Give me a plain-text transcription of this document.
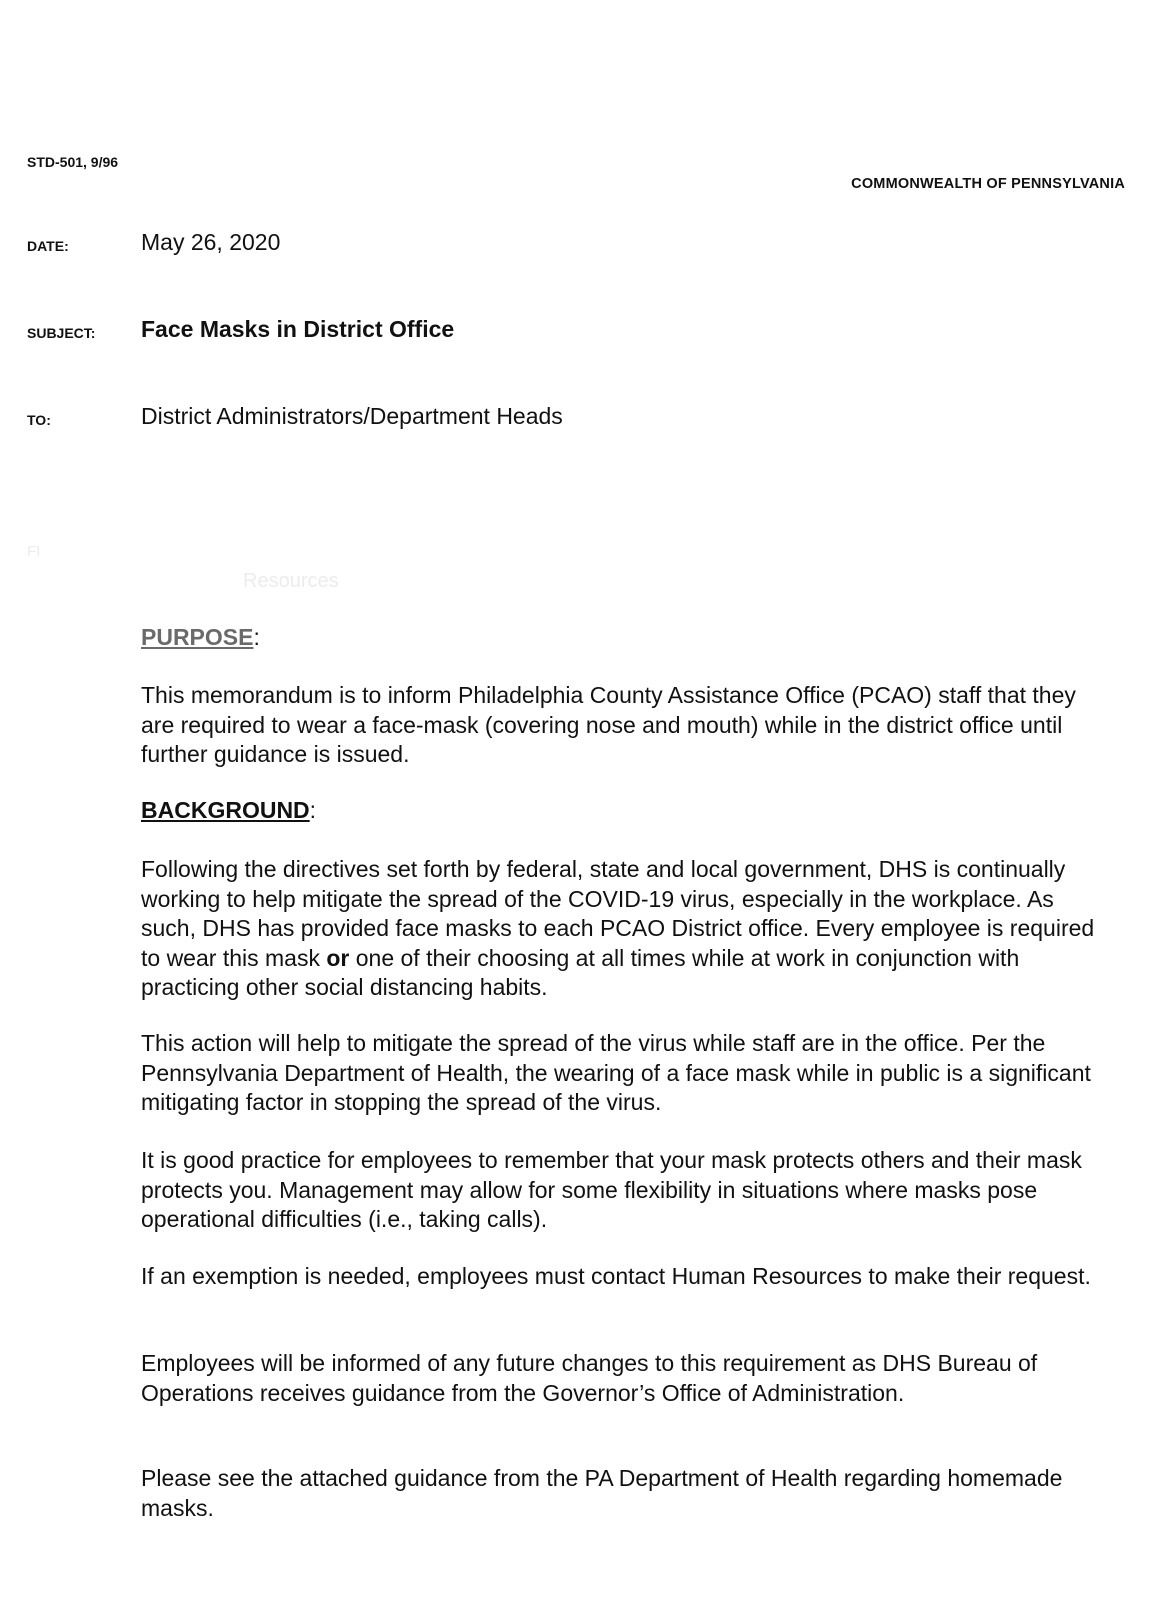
STD-501, 9/96
COMMONWEALTH OF PENNSYLVANIA
DATE:	May 26, 2020
SUBJECT: Face Masks in District Office
TO:	District Administrators/Department Heads
FI
Resources
PURPOSE:

This memorandum is to inform Philadelphia County Assistance Office (PCAO) staff that they are required to wear a face-mask (covering nose and mouth) while in the district office until further guidance is issued.

BACKGROUND:

Following the directives set forth by federal, state and local government, DHS is continually working to help mitigate the spread of the COVID-19 virus, especially in the workplace. As such, DHS has provided face masks to each PCAO District office. Every employee is required to wear this mask or one of their choosing at all times while at work in conjunction with practicing other social distancing habits.

This action will help to mitigate the spread of the virus while staff are in the office. Per the Pennsylvania Department of Health, the wearing of a face mask while in public is a significant mitigating factor in stopping the spread of the virus.

It is good practice for employees to remember that your mask protects others and their mask protects you. Management may allow for some flexibility in situations where masks pose operational difficulties (i.e., taking calls).

If an exemption is needed, employees must contact Human Resources to make their request.

Employees will be informed of any future changes to this requirement as DHS Bureau of Operations receives guidance from the Governor’s Office of Administration.

Please see the attached guidance from the PA Department of Health regarding homemade masks.
